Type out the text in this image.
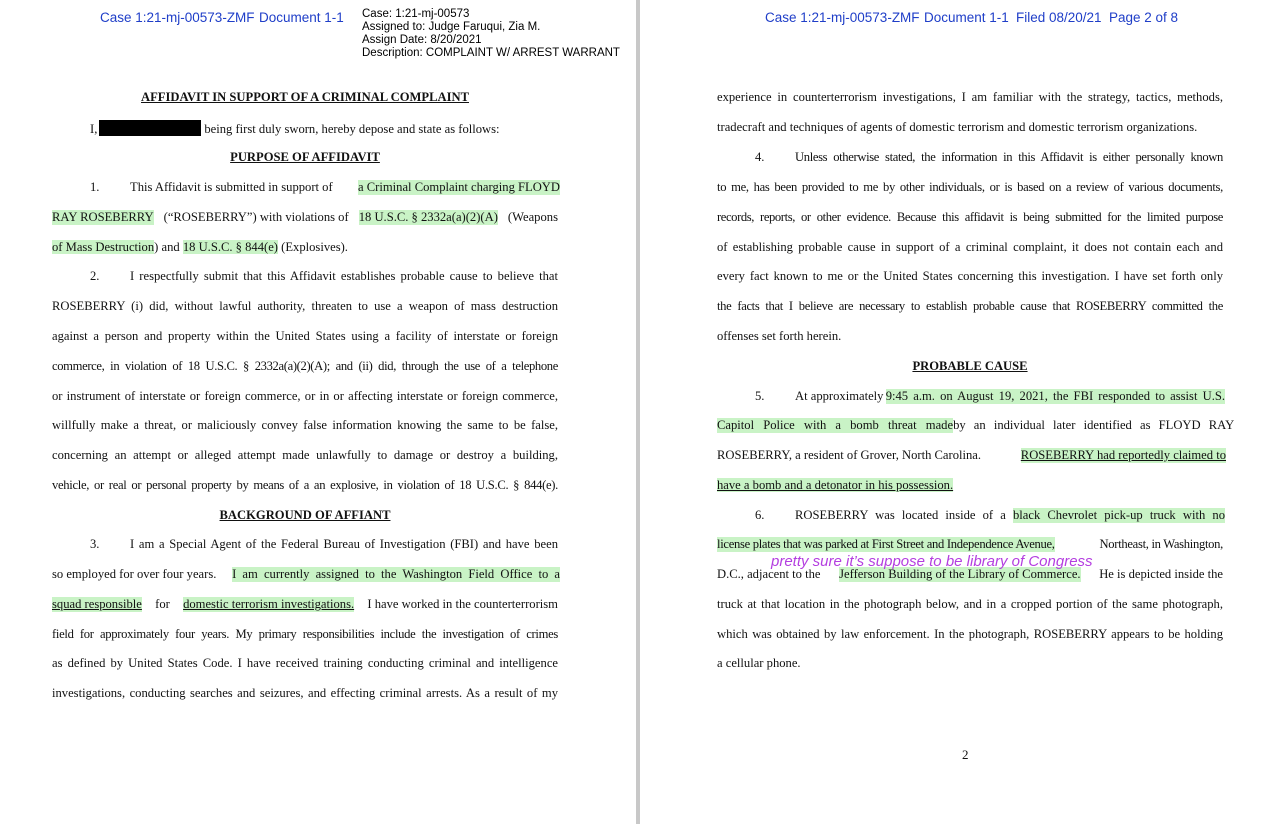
Case 1:21-mj-00573-ZMF Document 1-1 Case: 1:21-mj-00573
Assigned to: Judge Faruqui, Zia M.
Assign Date: 8/20/2021
Description: COMPLAINT W/ ARREST WARRANT
AFFIDAVIT IN SUPPORT OF A CRIMINAL COMPLAINT
I,	being first duly sworn, hereby depose and state as follows:
PURPOSE OF AFFIDAVIT
1. This Affidavit is submitted in support of a Criminal Complaint charging FLOYD
RAY ROSEBERRY (“ROSEBERRY”) with violations of 18 U.S.C. § 2332a(a)(2)(A) (Weapons
of Mass Destruction) and 18 U.S.C. § 844(e) (Explosives).
2. I respectfully submit that this Affidavit establishes probable cause to believe that
ROSEBERRY (i) did, without lawful authority, threaten to use a weapon of mass destruction
against a person and property within the United States using a facility of interstate or foreign
commerce, in violation of 18 U.S.C. § 2332a(a)(2)(A); and (ii) did, through the use of a telephone
or instrument of interstate or foreign commerce, or in or affecting interstate or foreign commerce,
willfully make a threat, or maliciously convey false information knowing the same to be false,
concerning an attempt or alleged attempt made unlawfully to damage or destroy a building,
vehicle, or real or personal property by means of a an explosive, in violation of 18 U.S.C. § 844(e).
BACKGROUND OF AFFIANT
3. I am a Special Agent of the Federal Bureau of Investigation (FBI) and have been
so employed for over four years. I am currently assigned to the Washington Field Office to a
squad responsible for domestic terrorism investigations. I have worked in the counterterrorism
field for approximately four years. My primary responsibilities include the investigation of crimes
as defined by United States Code. I have received training conducting criminal and intelligence
investigations, conducting searches and seizures, and effecting criminal arrests. As a result of my
Case 1:21-mj-00573-ZMF Document 1-1 Filed 08/20/21 Page 2 of 8
experience in counterterrorism investigations, I am familiar with the strategy, tactics, methods,
tradecraft and techniques of agents of domestic terrorism and domestic terrorism organizations.
4. Unless otherwise stated, the information in this Affidavit is either personally known
to me, has been provided to me by other individuals, or is based on a review of various documents,
records, reports, or other evidence. Because this affidavit is being submitted for the limited purpose
of establishing probable cause in support of a criminal complaint, it does not contain each and
every fact known to me or the United States concerning this investigation. I have set forth only
the facts that I believe are necessary to establish probable cause that ROSEBERRY committed the
offenses set forth herein.
PROBABLE CAUSE
5. At approximately 9:45 a.m. on August 19, 2021, the FBI responded to assist U.S.
Capitol Police with a bomb threat made by an individual later identified as FLOYD RAY
ROSEBERRY, a resident of Grover, North Carolina.	ROSEBERRY had reportedly claimed to
have a bomb and a detonator in his possession.
6. ROSEBERRY was located inside of a black Chevrolet pick-up truck with no
license plates that was parked at First Street and Independence Avenue,	Northeast, in Washington,
D.C., adjacent to the Jefferson Building of the Library of Commerce. He is depicted inside the
truck at that location in the photograph below, and in a cropped portion of the same photograph,
which was obtained by law enforcement. In the photograph, ROSEBERRY appears to be holding
a cellular phone.
pretty sure it’s suppose to be library of Congress
2
